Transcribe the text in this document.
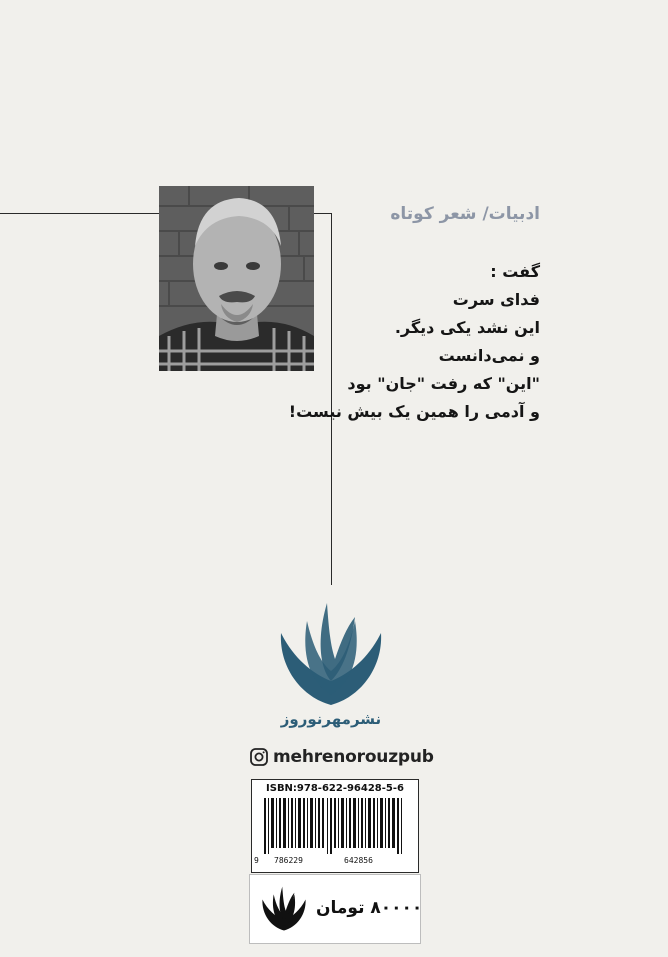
ادبیات/ شعر کوتاه
گفت :
فدای سرت
این نشد یکی دیگر.
و نمی‌دانست
"این" که رفت "جان" بود
و آدمی را همین یک بیش نیست!
نشرمهرنوروز
mehrenorouzpub
ISBN:978-622-96428-5-6
9 786229	642856
۸۰۰۰۰ تومان
